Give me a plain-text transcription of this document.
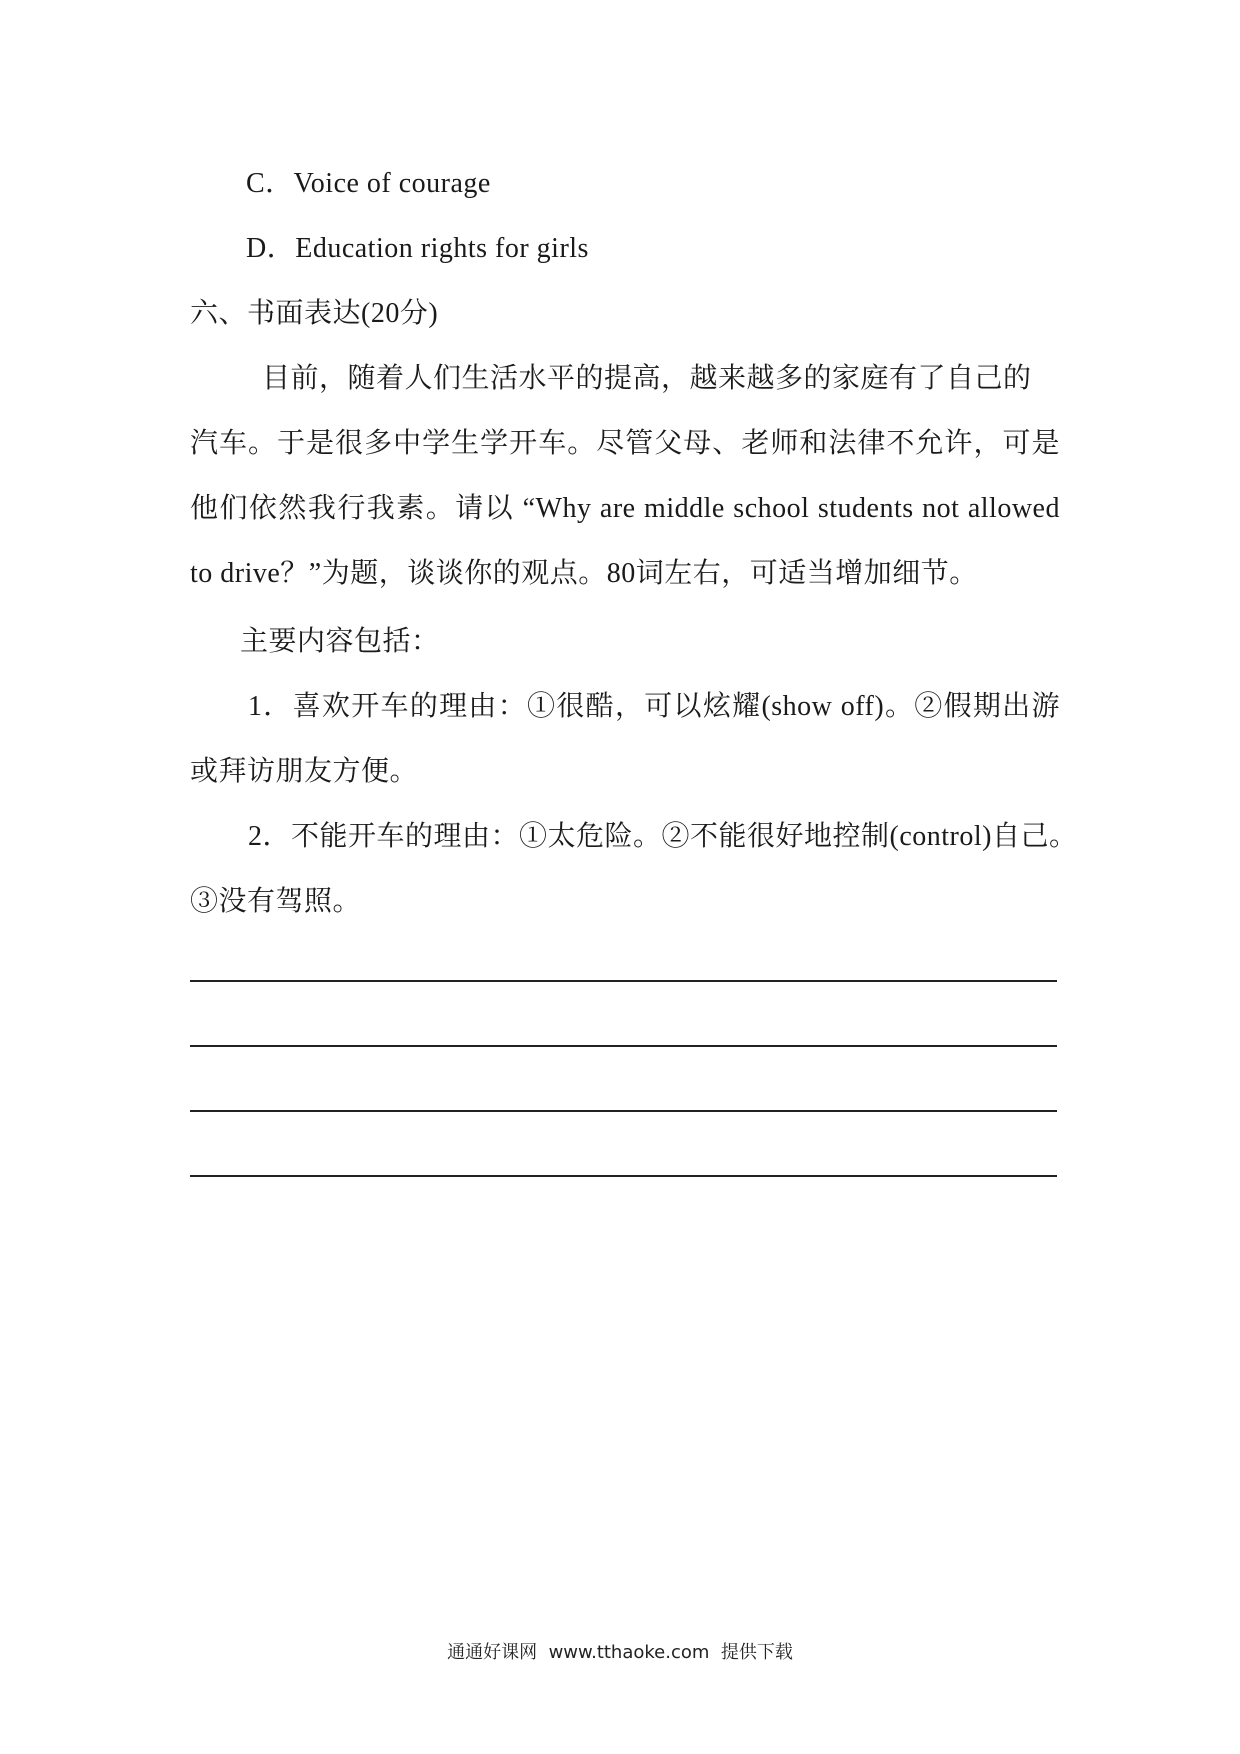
C．Voice of courage
D．Education rights for girls
六、书面表达(20分)
目前，随着人们生活水平的提高，越来越多的家庭有了自己的
汽车。于是很多中学生学开车。尽管父母、老师和法律不允许，可是
他们依然我行我素。请以 “Why are middle school students not allowed
to drive？”为题，谈谈你的观点。80词左右，可适当增加细节。
主要内容包括：
1．喜欢开车的理由：①很酷，可以炫耀(show off)。②假期出游
或拜访朋友方便。
2．不能开车的理由：①太危险。②不能很好地控制(control)自己。
③没有驾照。
通通好课网  www.tthaoke.com  提供下载
